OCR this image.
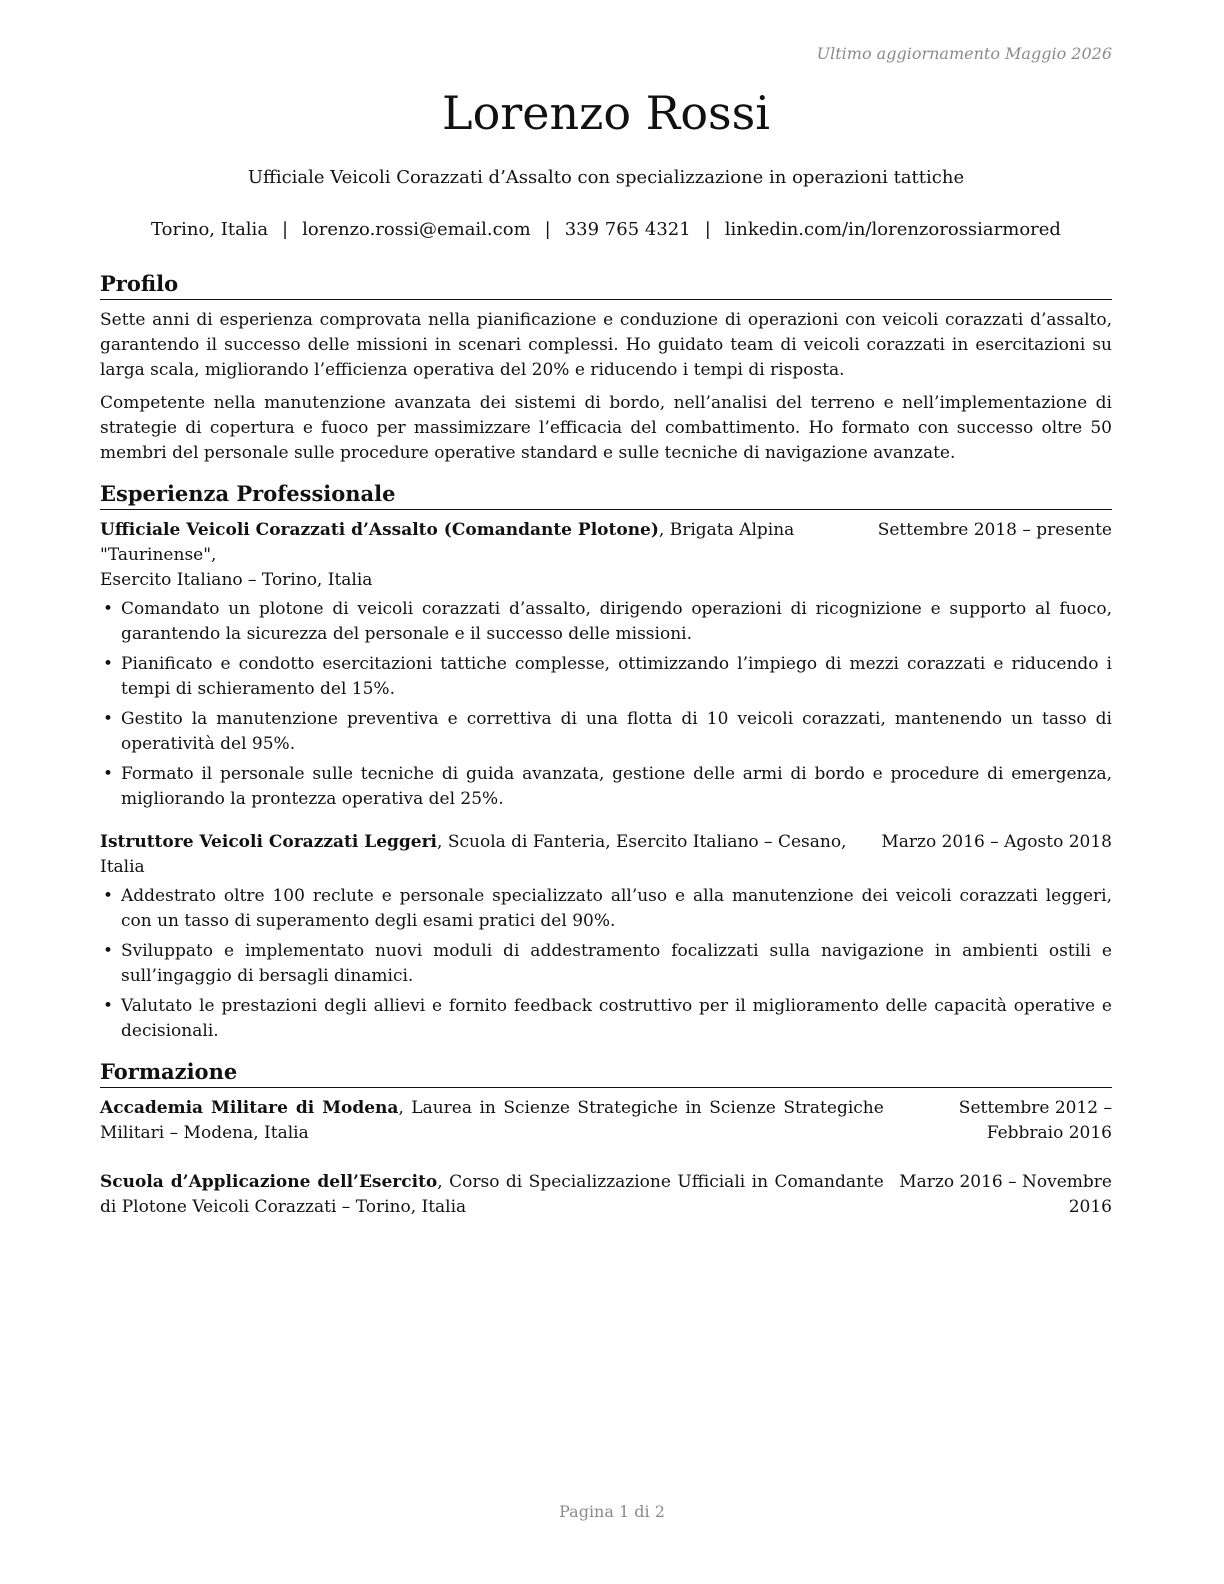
Ultimo aggiornamento Maggio 2026
Lorenzo Rossi

Ufficiale Veicoli Corazzati d’Assalto con specializzazione in operazioni tattiche

Torino, Italia | lorenzo.rossi@email.com | 339 765 4321 | linkedin.com/in/lorenzorossiarmored
Profilo

Sette anni di esperienza comprovata nella pianificazione e conduzione di operazioni con veicoli corazzati d’assalto, garantendo il successo delle missioni in scenari complessi. Ho guidato team di veicoli corazzati in esercitazioni su larga scala, migliorando l’efficienza operativa del 20% e riducendo i tempi di risposta.

Competente nella manutenzione avanzata dei sistemi di bordo, nell’analisi del terreno e nell’implementazione di strategie di copertura e fuoco per massimizzare l’efficacia del combattimento. Ho formato con successo oltre 50 membri del personale sulle procedure operative standard e sulle tecniche di navigazione avanzate.

Esperienza Professionale
Ufficiale Veicoli Corazzati d’Assalto (Comandante Plotone), Brigata Alpina "Taurinense",
Settembre 2018 – presente
Esercito Italiano – Torino, Italia
• Comandato un plotone di veicoli corazzati d’assalto, dirigendo operazioni di ricognizione e supporto al fuoco, garantendo la sicurezza del personale e il successo delle missioni.
• Pianificato e condotto esercitazioni tattiche complesse, ottimizzando l’impiego di mezzi corazzati e riducendo i tempi di schieramento del 15%.
• Gestito la manutenzione preventiva e correttiva di una flotta di 10 veicoli corazzati, mantenendo un tasso di operatività del 95%.
• Formato il personale sulle tecniche di guida avanzata, gestione delle armi di bordo e procedure di emergenza, migliorando la prontezza operativa del 25%.
Istruttore Veicoli Corazzati Leggeri, Scuola di Fanteria, Esercito Italiano – Cesano, Italia
Marzo 2016 – Agosto 2018
• Addestrato oltre 100 reclute e personale specializzato all’uso e alla manutenzione dei veicoli corazzati leggeri, con un tasso di superamento degli esami pratici del 90%.
• Sviluppato e implementato nuovi moduli di addestramento focalizzati sulla navigazione in ambienti ostili e sull’ingaggio di bersagli dinamici.
• Valutato le prestazioni degli allievi e fornito feedback costruttivo per il miglioramento delle capacità operative e decisionali.
Formazione
Accademia Militare di Modena, Laurea in Scienze Strategiche in Scienze Strategiche Militari – Modena, Italia
Settembre 2012 – Febbraio 2016
Scuola d’Applicazione dell’Esercito, Corso di Specializzazione Ufficiali in Comandante di Plotone Veicoli Corazzati – Torino, Italia
Marzo 2016 – Novembre 2016
Pagina 1 di 2
